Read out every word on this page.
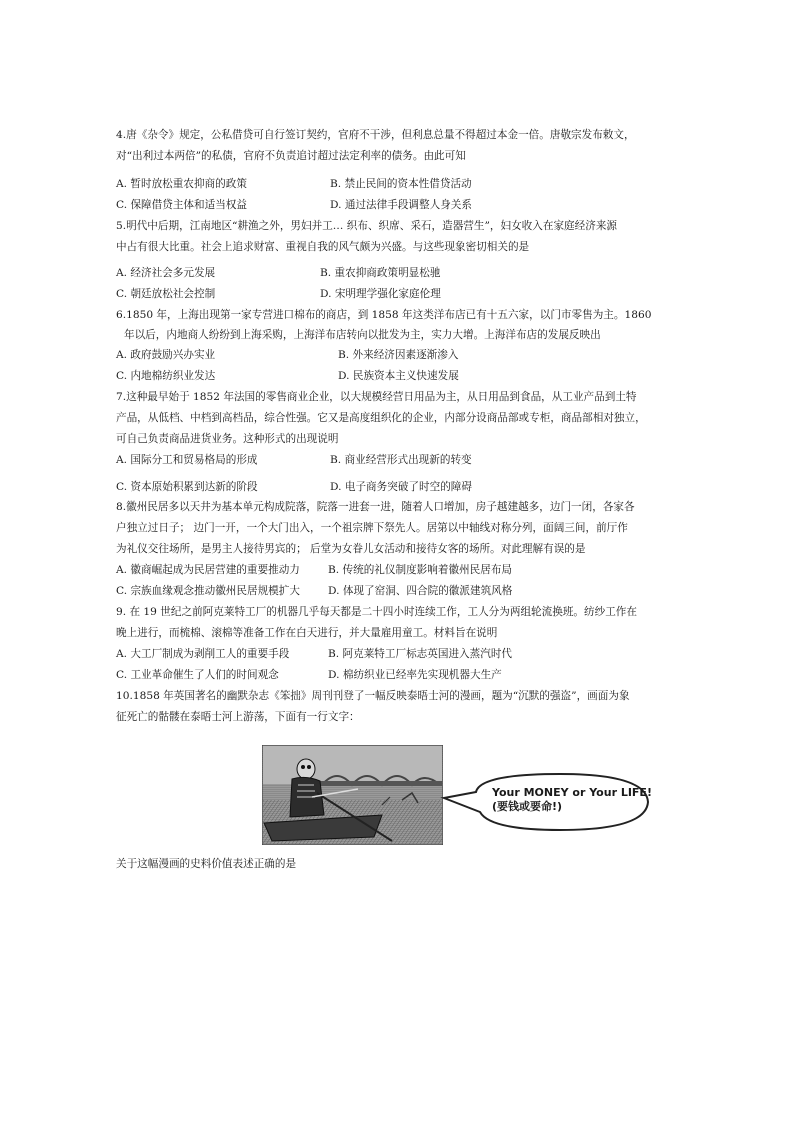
4.唐《杂令》规定，公私借贷可自行签订契约，官府不干涉，但利息总量不得超过本金一倍。唐敬宗发布敕文，
对“出利过本两倍”的私债，官府不负责追讨超过法定利率的债务。由此可知
A. 暂时放松重农抑商的政策	B. 禁止民间的资本性借贷活动
C. 保障借贷主体和适当权益	D. 通过法律手段调整人身关系
5.明代中后期，江南地区“耕渔之外，男妇并工… 织布、织席、采石，造器营生”，妇女收入在家庭经济来源
中占有很大比重。社会上追求财富、重视自我的风气颇为兴盛。与这些现象密切相关的是
A. 经济社会多元发展	B. 重农抑商政策明显松驰
C. 朝廷放松社会控制	D. 宋明理学强化家庭伦理
6.1850 年，上海出现第一家专营进口棉布的商店，到 1858 年这类洋布店已有十五六家，以门市零售为主。1860
年以后，内地商人纷纷到上海采购，上海洋布店转向以批发为主，实力大增。上海洋布店的发展反映出
A. 政府鼓励兴办实业	B. 外来经济因素逐渐渗入
C. 内地棉纺织业发达	D. 民族资本主义快速发展
7.这种最早始于 1852 年法国的零售商业企业，以大规模经营日用品为主，从日用品到食品，从工业产品到土特
产品，从低档、中档到高档品，综合性强。它又是高度组织化的企业，内部分设商品部或专柜，商品部相对独立，
可自己负责商品进货业务。这种形式的出现说明
A. 国际分工和贸易格局的形成	B. 商业经营形式出现新的转变
C. 资本原始积累到达新的阶段	D. 电子商务突破了时空的障碍
8.徽州民居多以天井为基本单元构成院落，院落一进套一进，随着人口增加，房子越建越多，边门一闭，各家各
户独立过日子； 边门一开，一个大门出入，一个祖宗牌下祭先人。居第以中轴线对称分列，面阔三间，前厅作
为礼仪交往场所，是男主人接待男宾的； 后堂为女眷儿女活动和接待女客的场所。对此理解有误的是
A. 徽商崛起成为民居营建的重要推动力	B. 传统的礼仪制度影响着徽州民居布局
C. 宗族血缘观念推动徽州民居规模扩大	D. 体现了窑洞、四合院的徽派建筑风格
9. 在 19 世纪之前阿克莱特工厂的机器几乎每天都是二十四小时连续工作，工人分为两组轮流换班。纺纱工作在
晚上进行，而梳棉、滚棉等准备工作在白天进行，并大量雇用童工。材料旨在说明
A. 大工厂制成为剥削工人的重要手段	B. 阿克莱特工厂标志英国进入蒸汽时代
C. 工业革命催生了人们的时间观念	D. 棉纺织业已经率先实现机器大生产
10.1858 年英国著名的幽默杂志《笨拙》周刊刊登了一幅反映泰晤士河的漫画，题为“沉默的强盗”，画面为象
征死亡的骷髅在泰晤士河上游荡，下面有一行文字：
Your MONEY or Your LIFE!
(要钱或要命!)
关于这幅漫画的史料价值表述正确的是
